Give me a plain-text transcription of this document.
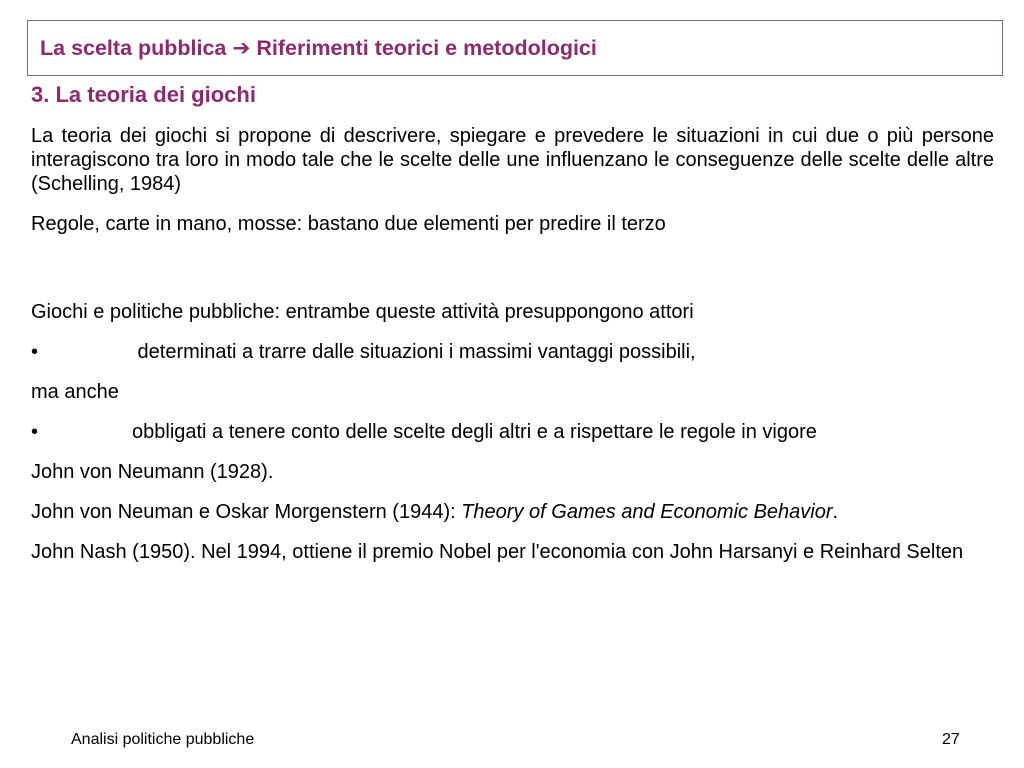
La scelta pubblica ➔ Riferimenti teorici e metodologici

3. La teoria dei giochi

La teoria dei giochi si propone di descrivere, spiegare e prevedere le situazioni in cui due o più persone interagiscono tra loro in modo tale che le scelte delle une influenzano le conseguenze delle scelte delle altre (Schelling, 1984)

Regole, carte in mano, mosse: bastano due elementi per predire il terzo

Giochi e politiche pubbliche: entrambe queste attività presuppongono attori

•	determinati a trarre dalle situazioni i massimi vantaggi possibili,

ma anche

•	obbligati a tenere conto delle scelte degli altri e a rispettare le regole in vigore

John von Neumann (1928).

John von Neuman e Oskar Morgenstern (1944): Theory of Games and Economic Behavior.

John Nash (1950). Nel 1994, ottiene il premio Nobel per l'economia con John Harsanyi e Reinhard Selten

Analisi politiche pubbliche	27
